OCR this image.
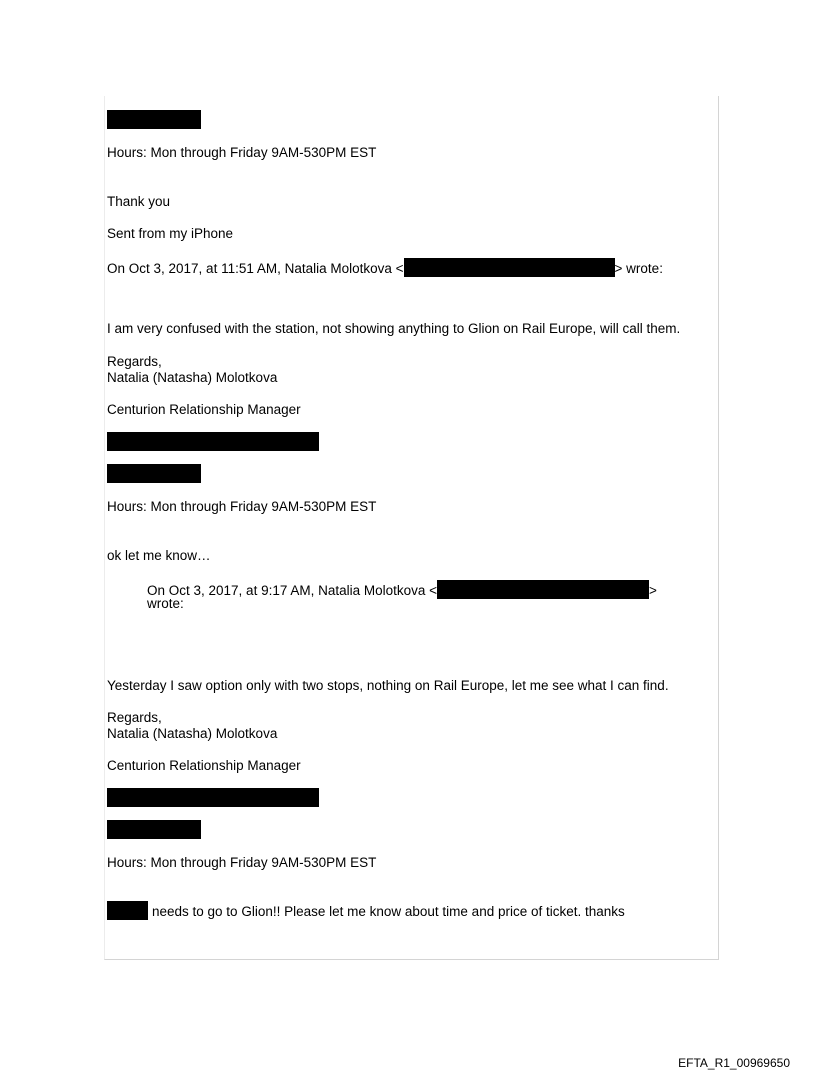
Hours: Mon through Friday 9AM-530PM EST
Thank you
Sent from my iPhone
On Oct 3, 2017, at 11:51 AM, Natalia Molotkova <	> wrote:
I am very confused with the station, not showing anything to Glion on Rail Europe, will call them.
Regards,
Natalia (Natasha) Molotkova
Centurion Relationship Manager
Hours: Mon through Friday 9AM-530PM EST
ok let me know…
On Oct 3, 2017, at 9:17 AM, Natalia Molotkova <	>
wrote:
Yesterday I saw option only with two stops, nothing on Rail Europe, let me see what I can find.
Regards,
Natalia (Natasha) Molotkova
Centurion Relationship Manager
Hours: Mon through Friday 9AM-530PM EST
needs to go to Glion!! Please let me know about time and price of ticket. thanks
EFTA_R1_00969650
